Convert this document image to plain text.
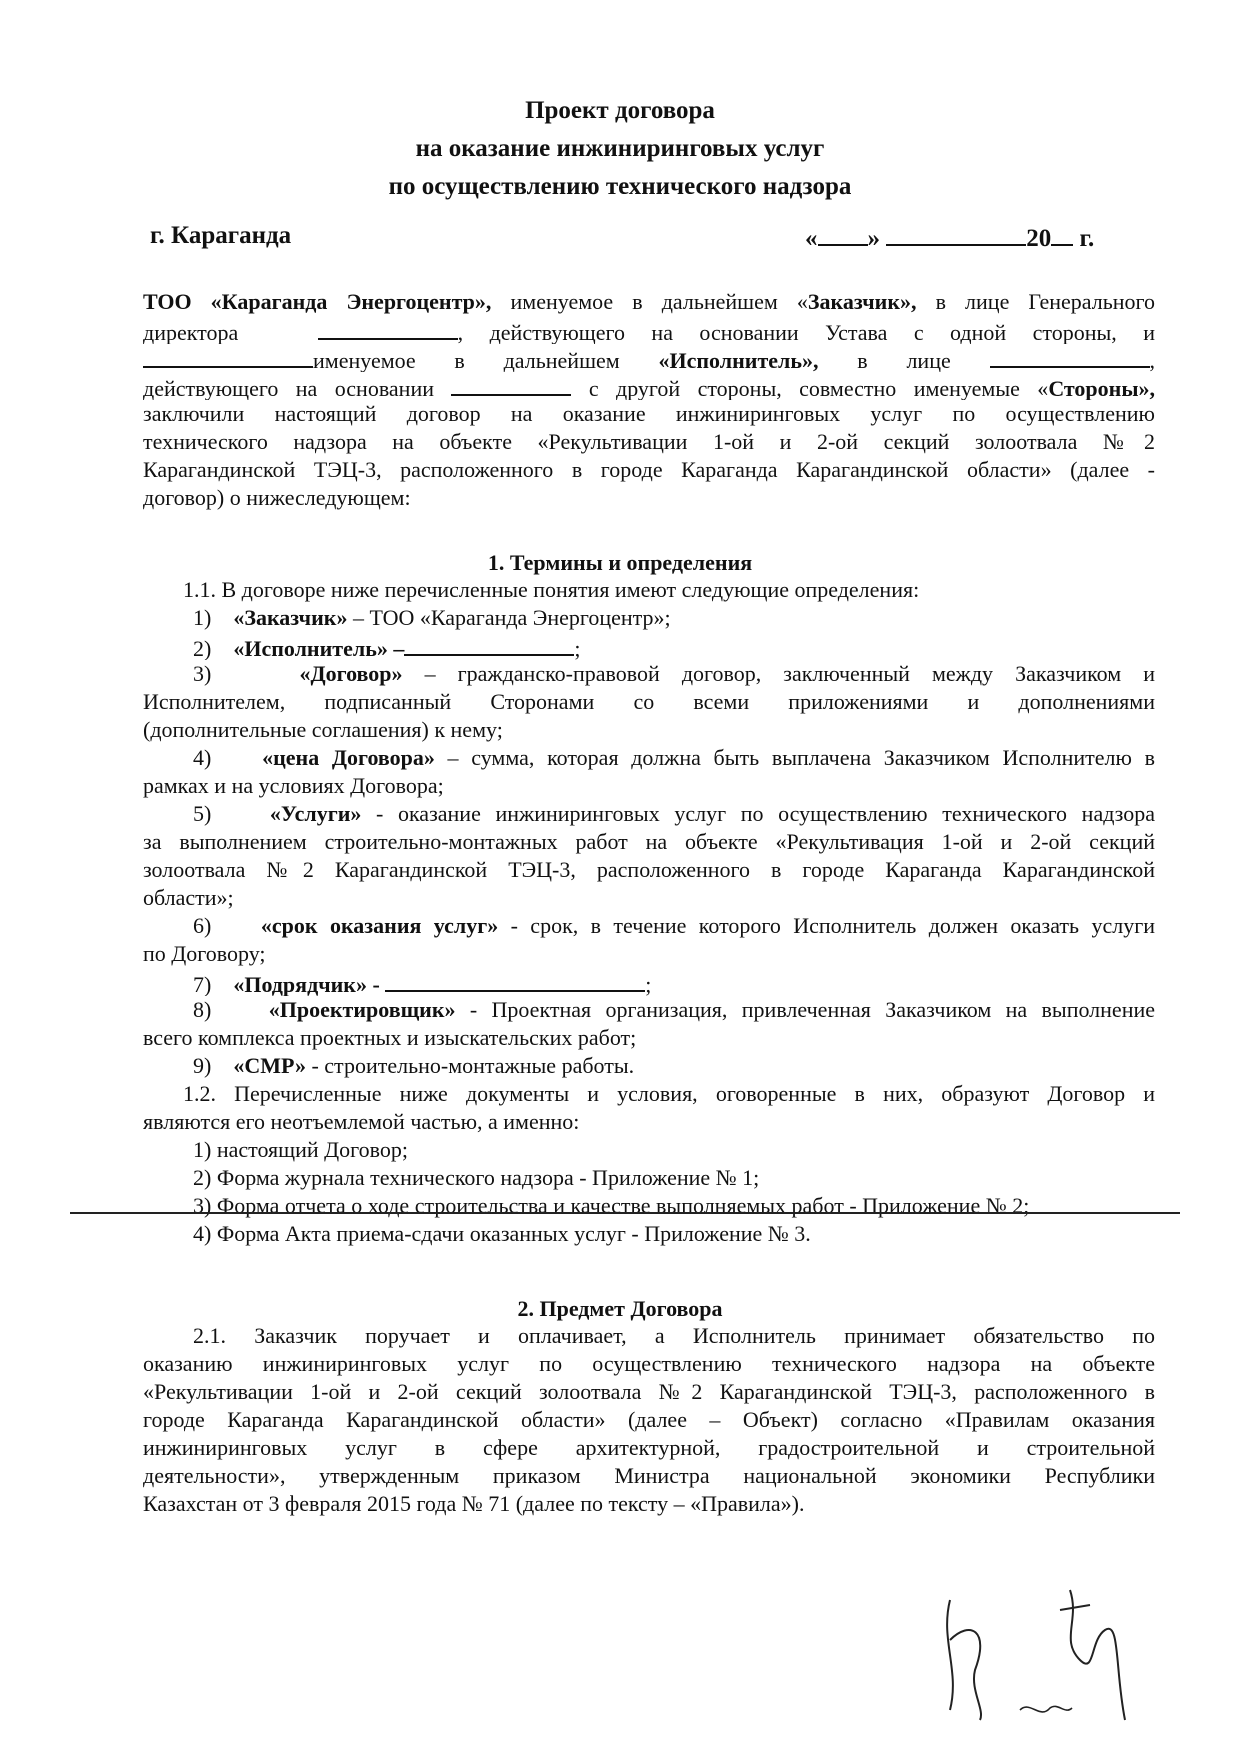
Проект договора
на оказание инжиниринговых услуг
по осуществлению технического надзора
г. Караганда	« »	20 г.
ТОО «Караганда Энергоцентр», именуемое в дальнейшем «Заказчик», в лице Генерального
директора	, действующего на основании Устава с одной стороны, и
именуемое в дальнейшем «Исполнитель», в лице	,
действующего на основании	с другой стороны, совместно именуемые «Стороны»,
заключили настоящий договор на оказание инжиниринговых услуг по осуществлению
технического надзора на объекте «Рекультивации 1-ой и 2-ой секций золоотвала №2
Карагандинской ТЭЦ-3, расположенного в городе Караганда Карагандинской области» (далее -
договор) о нижеследующем:
1. Термины и определения
1.1. В договоре ниже перечисленные понятия имеют следующие определения:
1) «Заказчик» – ТОО «Караганда Энергоцентр»;
2) «Исполнитель» –	;
3)	«Договор» – гражданско-правовой договор, заключенный между Заказчиком и
Исполнителем, подписанный Сторонами со всеми приложениями и дополнениями
(дополнительные соглашения) к нему;
4) «цена Договора» – сумма, которая должна быть выплачена Заказчиком Исполнителю в
рамках и на условиях Договора;
5)	«Услуги» - оказание инжиниринговых услуг по осуществлению технического надзора
за выполнением строительно-монтажных работ на объекте «Рекультивация 1-ой и 2-ой секций
золоотвала №2 Карагандинской ТЭЦ-3, расположенного в городе Караганда Карагандинской
области»;
6) «срок оказания услуг» - срок, в течение которого Исполнитель должен оказать услуги
по Договору;
7) «Подрядчик» -	;
8)	«Проектировщик» - Проектная организация, привлеченная Заказчиком на выполнение
всего комплекса проектных и изыскательских работ;
9) «СМР» - строительно-монтажные работы.
1.2. Перечисленные ниже документы и условия, оговоренные в них, образуют Договор и
являются его неотъемлемой частью, а именно:
1) настоящий Договор;
2) Форма журнала технического надзора - Приложение № 1;
3) Форма отчета о ходе строительства и качестве выполняемых работ - Приложение № 2;
4) Форма Акта приема-сдачи оказанных услуг - Приложение № 3.
2. Предмет Договора
2.1. Заказчик поручает и оплачивает, а Исполнитель принимает обязательство по
оказанию инжиниринговых услуг по осуществлению технического надзора на объекте
«Рекультивации 1-ой и 2-ой секций золоотвала №2 Карагандинской ТЭЦ-3, расположенного в
городе Караганда Карагандинской области» (далее – Объект) согласно «Правилам оказания
инжиниринговых услуг в сфере архитектурной, градостроительной и строительной
деятельности», утвержденным приказом Министра национальной экономики Республики
Казахстан от 3 февраля 2015 года № 71 (далее по тексту – «Правила»).
